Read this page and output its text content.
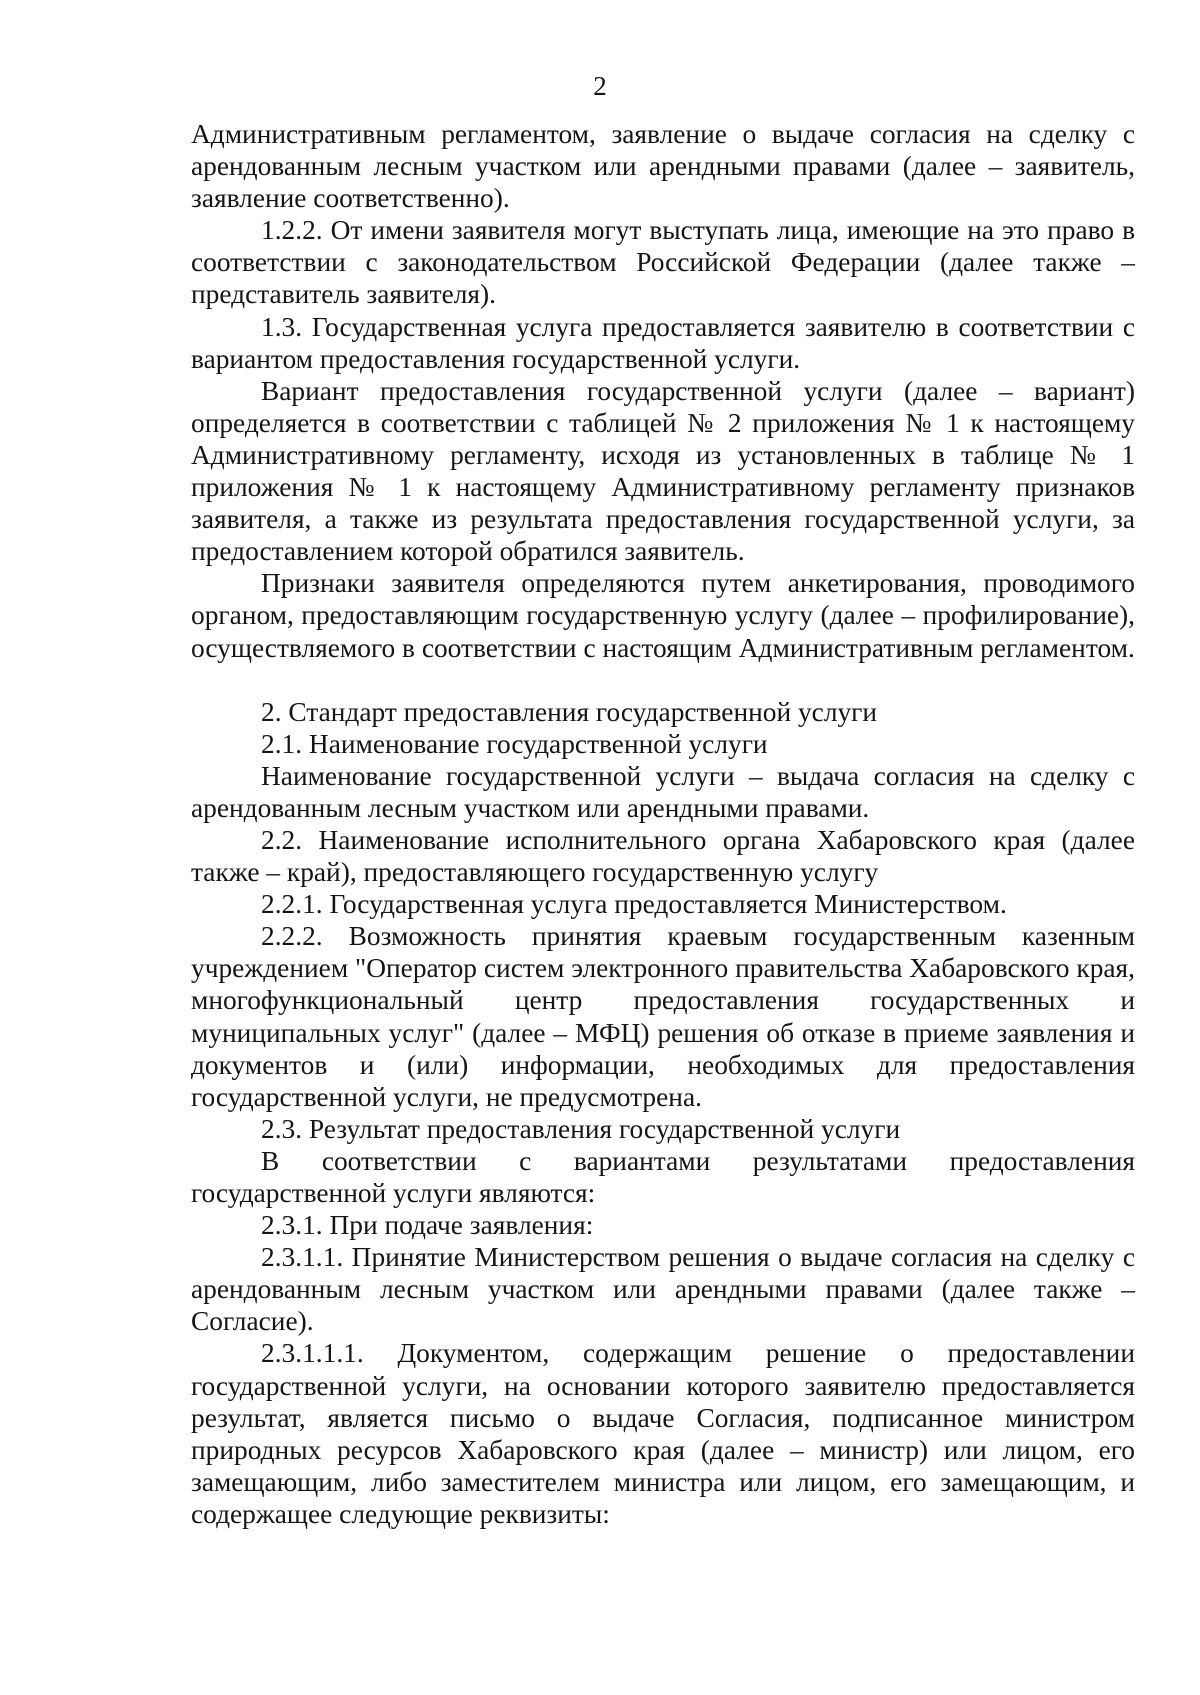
2

Административным регламентом, заявление о выдаче согласия на сделку с арендованным лесным участком или арендными правами (далее – заявитель, заявление соответственно).

1.2.2. От имени заявителя могут выступать лица, имеющие на это право в соответствии с законодательством Российской Федерации (далее также – представитель заявителя).

1.3. Государственная услуга предоставляется заявителю в соответствии с вариантом предоставления государственной услуги.

Вариант предоставления государственной услуги (далее – вариант) определяется в соответствии с таблицей № 2 приложения № 1 к настоящему Административному регламенту, исходя из установленных в таблице № 1 приложения № 1 к настоящему Административному регламенту признаков заявителя, а также из результата предоставления государственной услуги, за предоставлением которой обратился заявитель.

Признаки заявителя определяются путем анкетирования, проводимого органом, предоставляющим государственную услугу (далее – профилирование), осуществляемого в соответствии с настоящим Административным регламентом.

2. Стандарт предоставления государственной услуги

2.1. Наименование государственной услуги

Наименование государственной услуги – выдача согласия на сделку с арендованным лесным участком или арендными правами.

2.2. Наименование исполнительного органа Хабаровского края (далее также – край), предоставляющего государственную услугу

2.2.1. Государственная услуга предоставляется Министерством.

2.2.2. Возможность принятия краевым государственным казенным учреждением "Оператор систем электронного правительства Хабаровского края, многофункциональный центр предоставления государственных и муниципальных услуг" (далее – МФЦ) решения об отказе в приеме заявления и документов и (или) информации, необходимых для предоставления государственной услуги, не предусмотрена.

2.3. Результат предоставления государственной услуги

В соответствии с вариантами результатами предоставления государственной услуги являются:

2.3.1. При подаче заявления:

2.3.1.1. Принятие Министерством решения о выдаче согласия на сделку с арендованным лесным участком или арендными правами (далее также – Согласие).

2.3.1.1.1. Документом, содержащим решение о предоставлении государственной услуги, на основании которого заявителю предоставляется результат, является письмо о выдаче Согласия, подписанное министром природных ресурсов Хабаровского края (далее – министр) или лицом, его замещающим, либо заместителем министра или лицом, его замещающим, и содержащее следующие реквизиты:
